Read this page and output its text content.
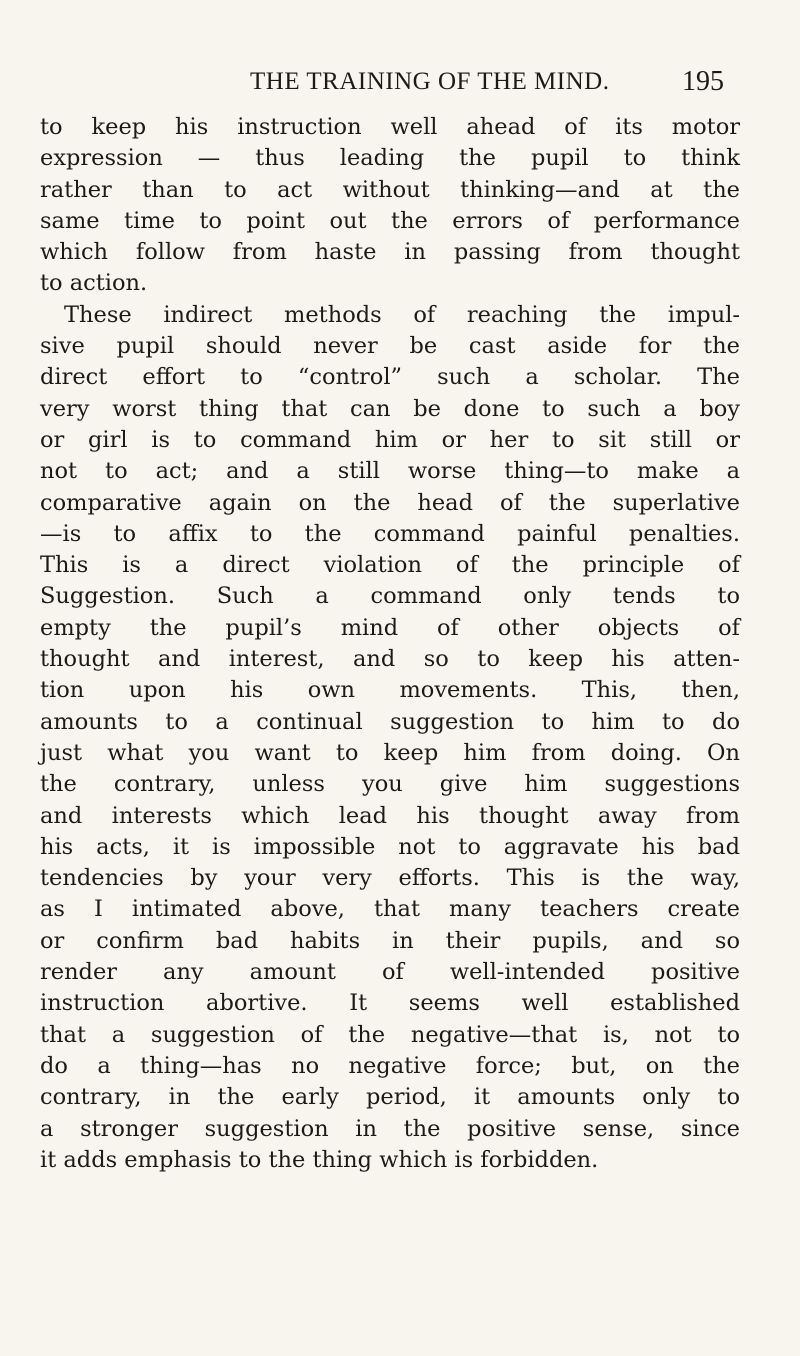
THE TRAINING OF THE MIND.	195
to keep his instruction well ahead of its motor
expression — thus leading the pupil to think
rather than to act without thinking—and at the
same time to point out the errors of performance
which follow from haste in passing from thought
to action.
These indirect methods of reaching the impul-
sive pupil should never be cast aside for the
direct effort to “control” such a scholar. The
very worst thing that can be done to such a boy
or girl is to command him or her to sit still or
not to act; and a still worse thing—to make a
comparative again on the head of the superlative
—is to affix to the command painful penalties.
This is a direct violation of the principle of
Suggestion. Such a command only tends to
empty the pupil’s mind of other objects of
thought and interest, and so to keep his atten-
tion upon his own movements. This, then,
amounts to a continual suggestion to him to do
just what you want to keep him from doing. On
the contrary, unless you give him suggestions
and interests which lead his thought away from
his acts, it is impossible not to aggravate his bad
tendencies by your very efforts. This is the way,
as I intimated above, that many teachers create
or confirm bad habits in their pupils, and so
render any amount of well-intended positive
instruction abortive. It seems well established
that a suggestion of the negative—that is, not to
do a thing—has no negative force; but, on the
contrary, in the early period, it amounts only to
a stronger suggestion in the positive sense, since
it adds emphasis to the thing which is forbidden.
